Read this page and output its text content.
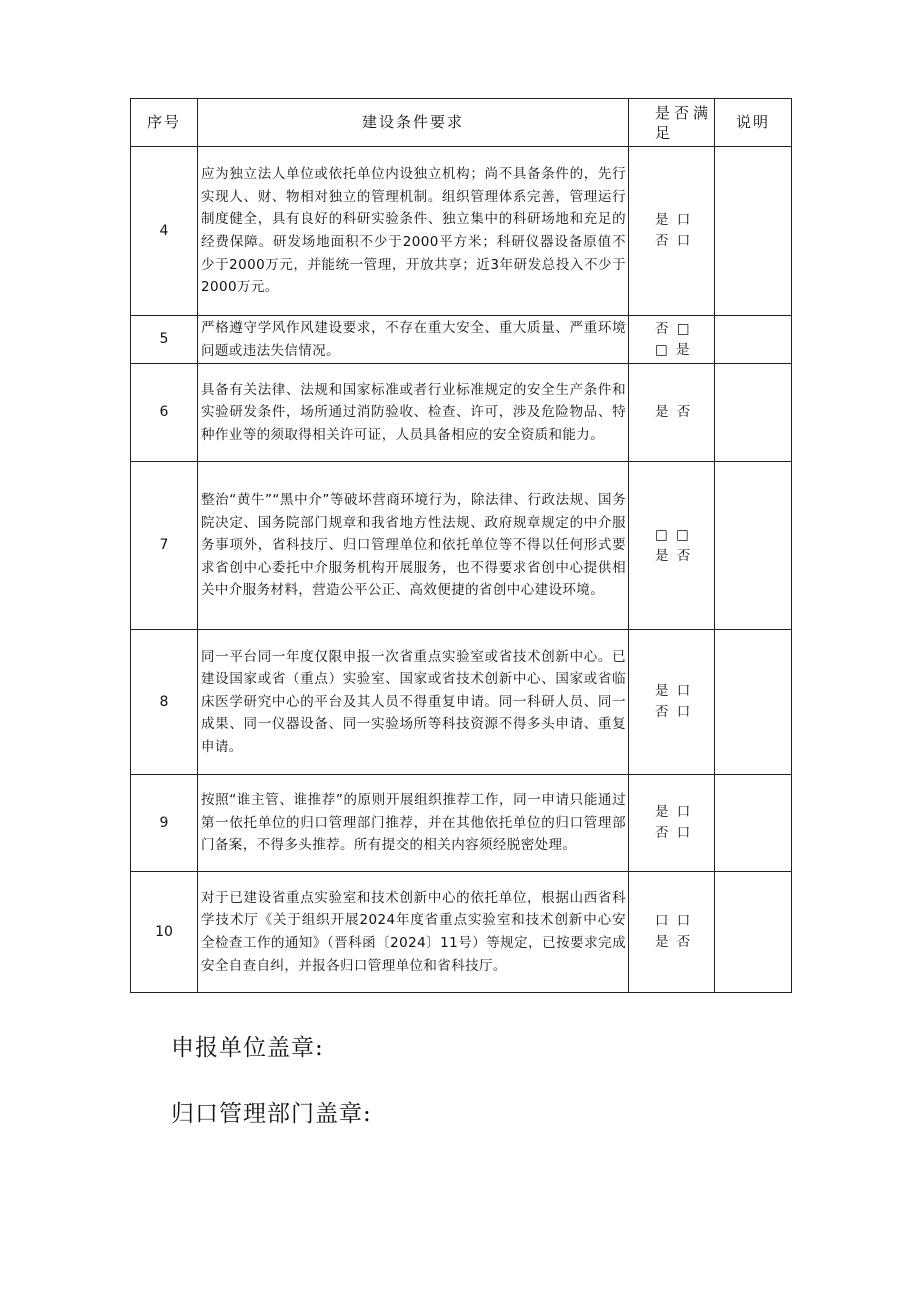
序号	建设条件要求	是否满足	说明
4	应为独立法人单位或依托单位内设独立机构；尚不具备条件的，先行实现人、财、物相对独立的管理机制。组织管理体系完善，管理运行制度健全，具有良好的科研实验条件、独立集中的科研场地和充足的经费保障。研发场地面积不少于2000平方米；科研仪器设备原值不少于2000万元，并能统一管理，开放共享；近3年研发总投入不少于2000万元。	是 口 否 口	
5	严格遵守学风作风建设要求，不存在重大安全、重大质量、严重环境问题或违法失信情况。	否 □ □ 是	
6	具备有关法律、法规和国家标准或者行业标准规定的安全生产条件和实验研发条件，场所通过消防验收、检查、许可，涉及危险物品、特种作业等的须取得相关许可证，人员具备相应的安全资质和能力。	是 否	
7	整治“黄牛”“黑中介”等破坏营商环境行为，除法律、行政法规、国务院决定、国务院部门规章和我省地方性法规、政府规章规定的中介服务事项外，省科技厅、归口管理单位和依托单位等不得以任何形式要求省创中心委托中介服务机构开展服务，也不得要求省创中心提供相关中介服务材料，营造公平公正、高效便捷的省创中心建设环境。	□ □ 是 否	
8	同一平台同一年度仅限申报一次省重点实验室或省技术创新中心。已建设国家或省（重点）实验室、国家或省技术创新中心、国家或省临床医学研究中心的平台及其人员不得重复申请。同一科研人员、同一成果、同一仪器设备、同一实验场所等科技资源不得多头申请、重复申请。	是 口 否 口	
9	按照“谁主管、谁推荐”的原则开展组织推荐工作，同一申请只能通过第一依托单位的归口管理部门推荐，并在其他依托单位的归口管理部门备案，不得多头推荐。所有提交的相关内容须经脱密处理。	是 口 否 口	
10	对于已建设省重点实验室和技术创新中心的依托单位，根据山西省科学技术厅《关于组织开展2024年度省重点实验室和技术创新中心安全检查工作的通知》（晋科函〔2024〕11号）等规定，已按要求完成安全自查自纠，并报各归口管理单位和省科技厅。	口 口 是 否	
申报单位盖章:
归口管理部门盖章:
